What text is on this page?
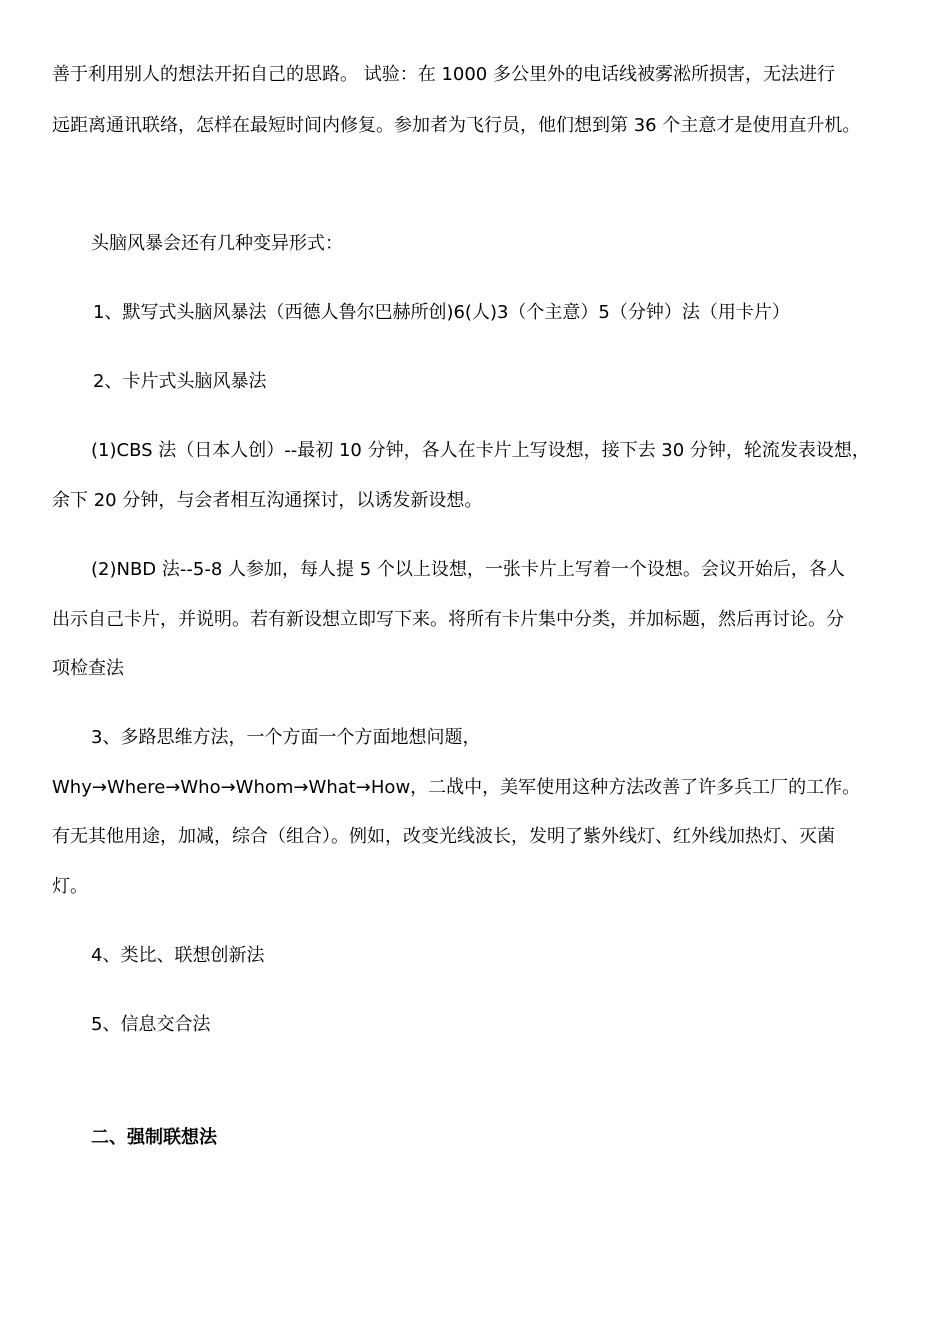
善于利用别人的想法开拓自己的思路。 试验：在 1000 多公里外的电话线被雾淞所损害，无法进行
远距离通讯联络，怎样在最短时间内修复。参加者为飞行员，他们想到第 36 个主意才是使用直升机。
头脑风暴会还有几种变异形式：
1、默写式头脑风暴法（西德人鲁尔巴赫所创)6(人)3（个主意）5（分钟）法（用卡片）
2、卡片式头脑风暴法
(1)CBS 法（日本人创）--最初 10 分钟，各人在卡片上写设想，接下去 30 分钟，轮流发表设想，
余下 20 分钟，与会者相互沟通探讨，以诱发新设想。
(2)NBD 法--5-8 人参加，每人提 5 个以上设想，一张卡片上写着一个设想。会议开始后，各人
出示自己卡片，并说明。若有新设想立即写下来。将所有卡片集中分类，并加标题，然后再讨论。分
项检查法
3、多路思维方法，一个方面一个方面地想问题，
Why→Where→Who→Whom→What→How，二战中，美军使用这种方法改善了许多兵工厂的工作。
有无其他用途，加减，综合（组合）。例如，改变光线波长，发明了紫外线灯、红外线加热灯、灭菌
灯。
4、类比、联想创新法
5、信息交合法
二、强制联想法
